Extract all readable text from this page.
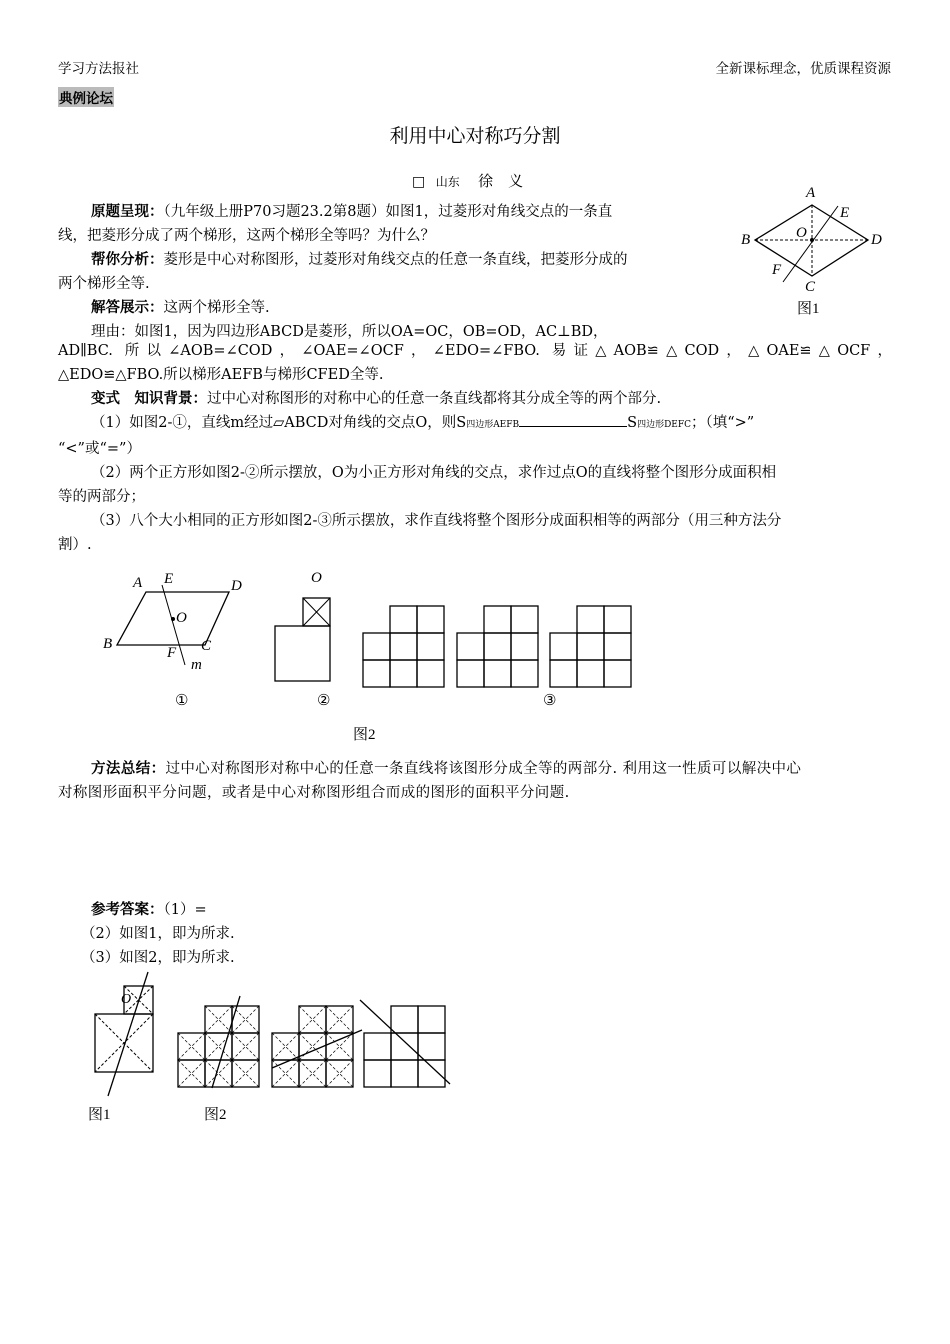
学习方法报社	全新课标理念，优质课程资源
典例论坛
利用中心对称巧分割
□ 山东 徐　义
原题呈现：（九年级上册P70习题23.2第8题）如图1，过菱形对角线交点的一条直
线，把菱形分成了两个梯形，这两个梯形全等吗？为什么？
帮你分析：菱形是中心对称图形，过菱形对角线交点的任意一条直线，把菱形分成的
两个梯形全等.
解答展示：这两个梯形全等.
理由：如图1，因为四边形ABCD是菱形，所以OA=OC，OB=OD，AC⊥BD，
AD∥BC. 所以∠AOB=∠COD，∠OAE=∠OCF，∠EDO=∠FBO. 易证△AOB≌△COD，△OAE≌△OCF，
△EDO≌△FBO.所以梯形AEFB与梯形CFED全等.
变式　知识背景：过中心对称图形的对称中心的任意一条直线都将其分成全等的两个部分.
（1）如图2-①，直线m经过▱ABCD对角线的交点O，则S四边形AEFB	S四边形DEFC；（填“>”
“<”或“=”）
（2）两个正方形如图2-②所示摆放，O为小正方形对角线的交点，求作过点O的直线将整个图形分成面积相
等的两部分；
（3）八个大小相同的正方形如图2-③所示摆放，求作直线将整个图形分成面积相等的两部分（用三种方法分
割）.
A
B
C
D
E
F
O
图1
A E	D
B	C
F
m
O
O
①	②	③
图2
方法总结：过中心对称图形对称中心的任意一条直线将该图形分成全等的两部分. 利用这一性质可以解决中心
对称图形面积平分问题，或者是中心对称图形组合而成的图形的面积平分问题.
参考答案：（1）=
（2）如图1，即为所求.
（3）如图2，即为所求.
O
图1	图2
